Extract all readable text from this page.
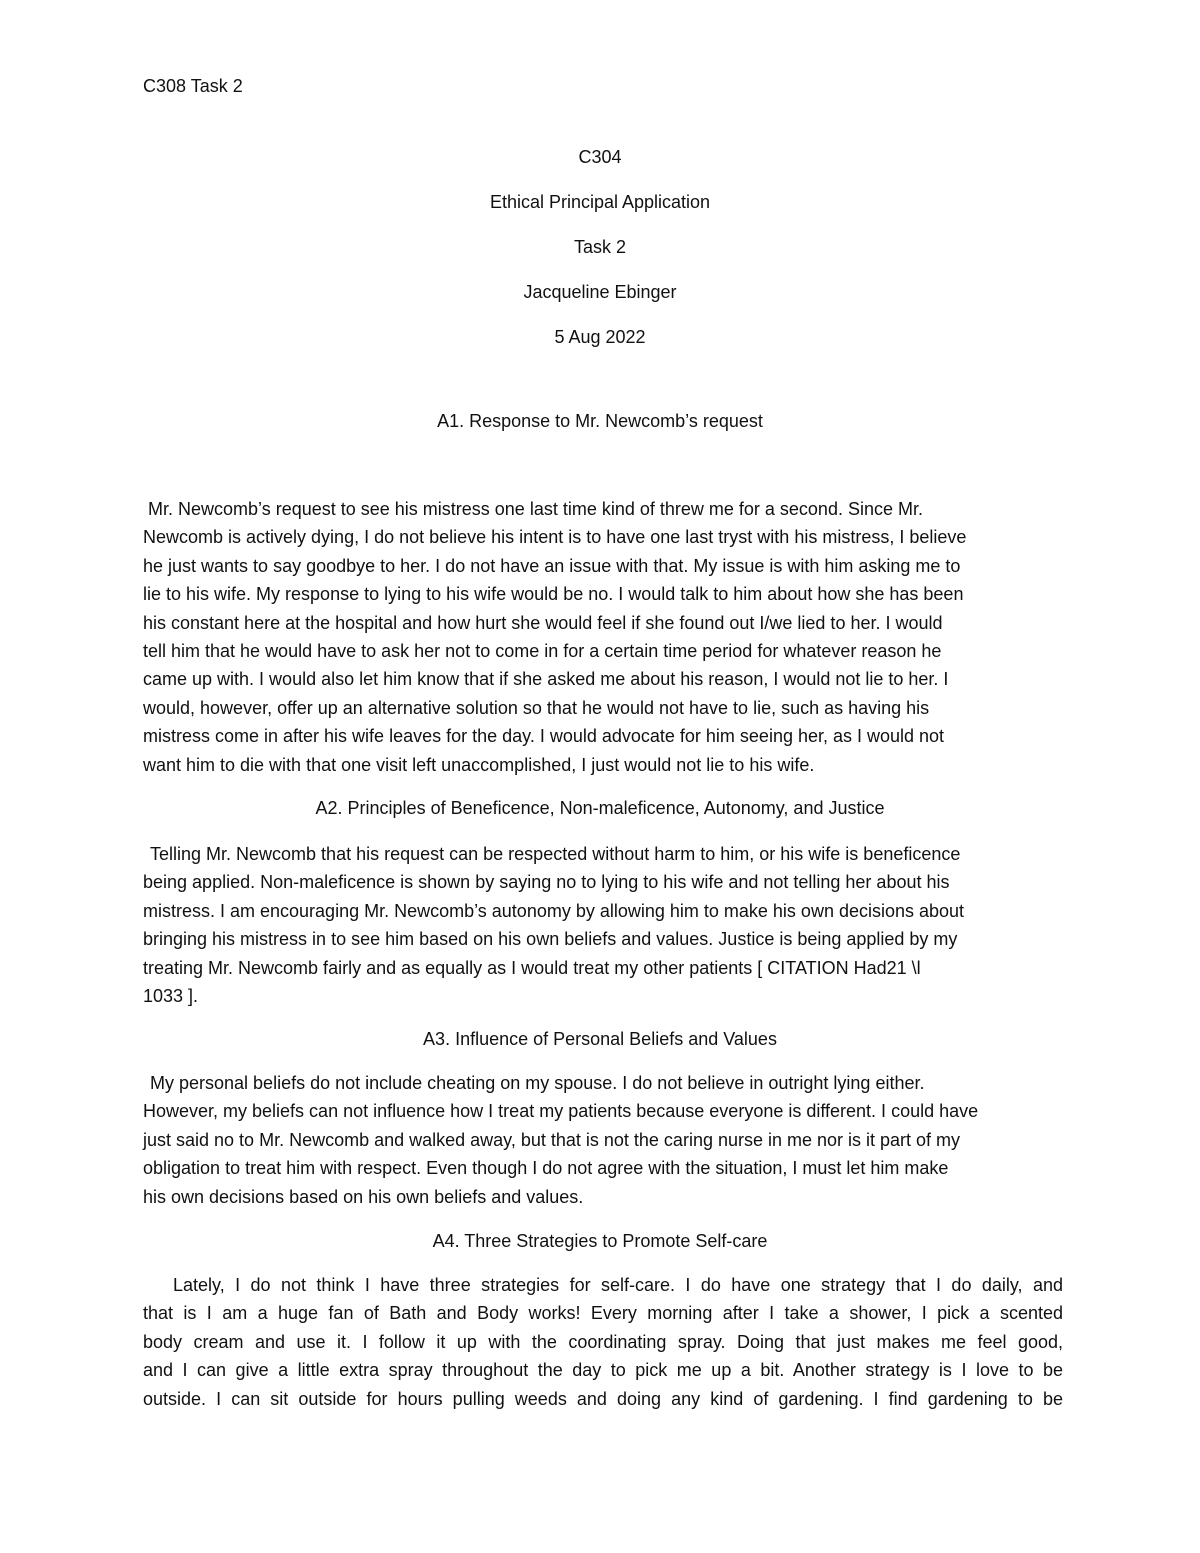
C308 Task 2
C304
Ethical Principal Application
Task 2
Jacqueline Ebinger
5 Aug 2022
A1. Response to Mr. Newcomb’s request
Mr. Newcomb’s request to see his mistress one last time kind of threw me for a second. Since Mr.
Newcomb is actively dying, I do not believe his intent is to have one last tryst with his mistress, I believe
he just wants to say goodbye to her. I do not have an issue with that. My issue is with him asking me to
lie to his wife. My response to lying to his wife would be no. I would talk to him about how she has been
his constant here at the hospital and how hurt she would feel if she found out I/we lied to her. I would
tell him that he would have to ask her not to come in for a certain time period for whatever reason he
came up with. I would also let him know that if she asked me about his reason, I would not lie to her. I
would, however, offer up an alternative solution so that he would not have to lie, such as having his
mistress come in after his wife leaves for the day. I would advocate for him seeing her, as I would not
want him to die with that one visit left unaccomplished, I just would not lie to his wife.
A2. Principles of Beneficence, Non-maleficence, Autonomy, and Justice
Telling Mr. Newcomb that his request can be respected without harm to him, or his wife is beneficence
being applied. Non-maleficence is shown by saying no to lying to his wife and not telling her about his
mistress. I am encouraging Mr. Newcomb’s autonomy by allowing him to make his own decisions about
bringing his mistress in to see him based on his own beliefs and values. Justice is being applied by my
treating Mr. Newcomb fairly and as equally as I would treat my other patients [ CITATION Had21 \l
1033 ].
A3. Influence of Personal Beliefs and Values
My personal beliefs do not include cheating on my spouse. I do not believe in outright lying either.
However, my beliefs can not influence how I treat my patients because everyone is different. I could have
just said no to Mr. Newcomb and walked away, but that is not the caring nurse in me nor is it part of my
obligation to treat him with respect. Even though I do not agree with the situation, I must let him make
his own decisions based on his own beliefs and values.
A4. Three Strategies to Promote Self-care
Lately, I do not think I have three strategies for self-care. I do have one strategy that I do daily, and
that is I am a huge fan of Bath and Body works! Every morning after I take a shower, I pick a scented
body cream and use it. I follow it up with the coordinating spray. Doing that just makes me feel good,
and I can give a little extra spray throughout the day to pick me up a bit. Another strategy is I love to be
outside. I can sit outside for hours pulling weeds and doing any kind of gardening. I find gardening to be
